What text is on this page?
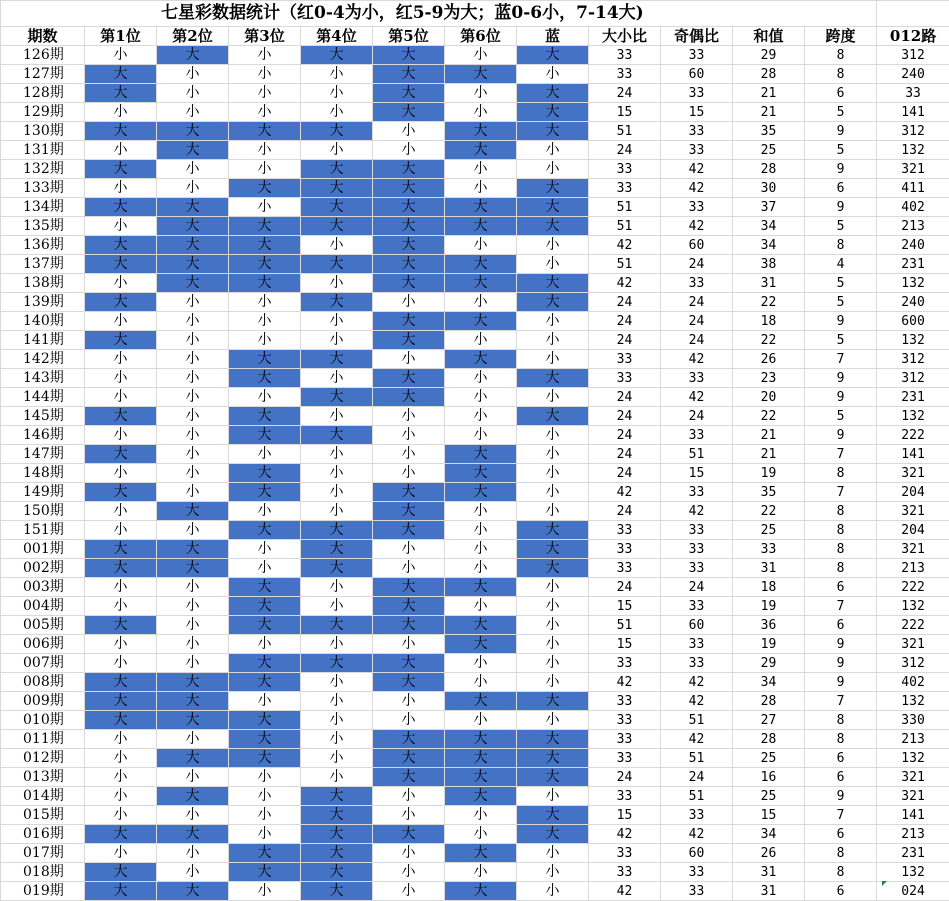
七星彩数据统计（红0-4为小，红5-9为大；蓝0-6小，7-14大)												
期数	第1位	第2位	第3位	第4位	第5位	第6位	蓝	大小比	奇偶比	和值	跨度	012路
126期	小	大	小	大	大	小	大	33	33	29	8	312
127期	大	小	小	小	大	大	小	33	60	28	8	240
128期	大	小	小	小	大	小	大	24	33	21	6	33
129期	小	小	小	小	大	小	大	15	15	21	5	141
130期	大	大	大	大	小	大	大	51	33	35	9	312
131期	小	大	小	小	小	大	小	24	33	25	5	132
132期	大	小	小	大	大	小	小	33	42	28	9	321
133期	小	小	大	大	大	小	大	33	42	30	6	411
134期	大	大	小	大	大	大	大	51	33	37	9	402
135期	小	大	大	大	大	大	大	51	42	34	5	213
136期	大	大	大	小	大	小	小	42	60	34	8	240
137期	大	大	大	大	大	大	小	51	24	38	4	231
138期	小	大	大	小	大	大	大	42	33	31	5	132
139期	大	小	小	大	小	小	大	24	24	22	5	240
140期	小	小	小	小	大	大	小	24	24	18	9	600
141期	大	小	小	小	大	小	小	24	24	22	5	132
142期	小	小	大	大	小	大	小	33	42	26	7	312
143期	小	小	大	小	大	小	大	33	33	23	9	312
144期	小	小	小	大	大	小	小	24	42	20	9	231
145期	大	小	大	小	小	小	大	24	24	22	5	132
146期	小	小	大	大	小	小	小	24	33	21	9	222
147期	大	小	小	小	小	大	小	24	51	21	7	141
148期	小	小	大	小	小	大	小	24	15	19	8	321
149期	大	小	大	小	大	大	小	42	33	35	7	204
150期	小	大	小	小	大	小	小	24	42	22	8	321
151期	小	小	大	大	大	小	大	33	33	25	8	204
001期	大	大	小	大	小	小	大	33	33	33	8	321
002期	大	大	小	大	小	小	大	33	33	31	8	213
003期	小	小	大	小	大	大	小	24	24	18	6	222
004期	小	小	大	小	大	小	小	15	33	19	7	132
005期	大	小	大	大	大	大	小	51	60	36	6	222
006期	小	小	小	小	小	大	小	15	33	19	9	321
007期	小	小	大	大	大	小	小	33	33	29	9	312
008期	大	大	大	小	大	小	小	42	42	34	9	402
009期	大	大	小	小	小	大	大	33	42	28	7	132
010期	大	大	大	小	小	小	小	33	51	27	8	330
011期	小	小	大	小	大	大	大	33	42	28	8	213
012期	小	大	大	小	大	大	大	33	51	25	6	132
013期	小	小	小	小	大	大	大	24	24	16	6	321
014期	小	大	小	大	小	大	小	33	51	25	9	321
015期	小	小	小	大	小	小	大	15	33	15	7	141
016期	大	大	小	大	大	小	大	42	42	34	6	213
017期	小	小	大	大	小	大	小	33	60	26	8	231
018期	大	小	大	大	小	小	小	33	33	31	8	132
019期	大	大	小	大	小	大	小	42	33	31	6	024
